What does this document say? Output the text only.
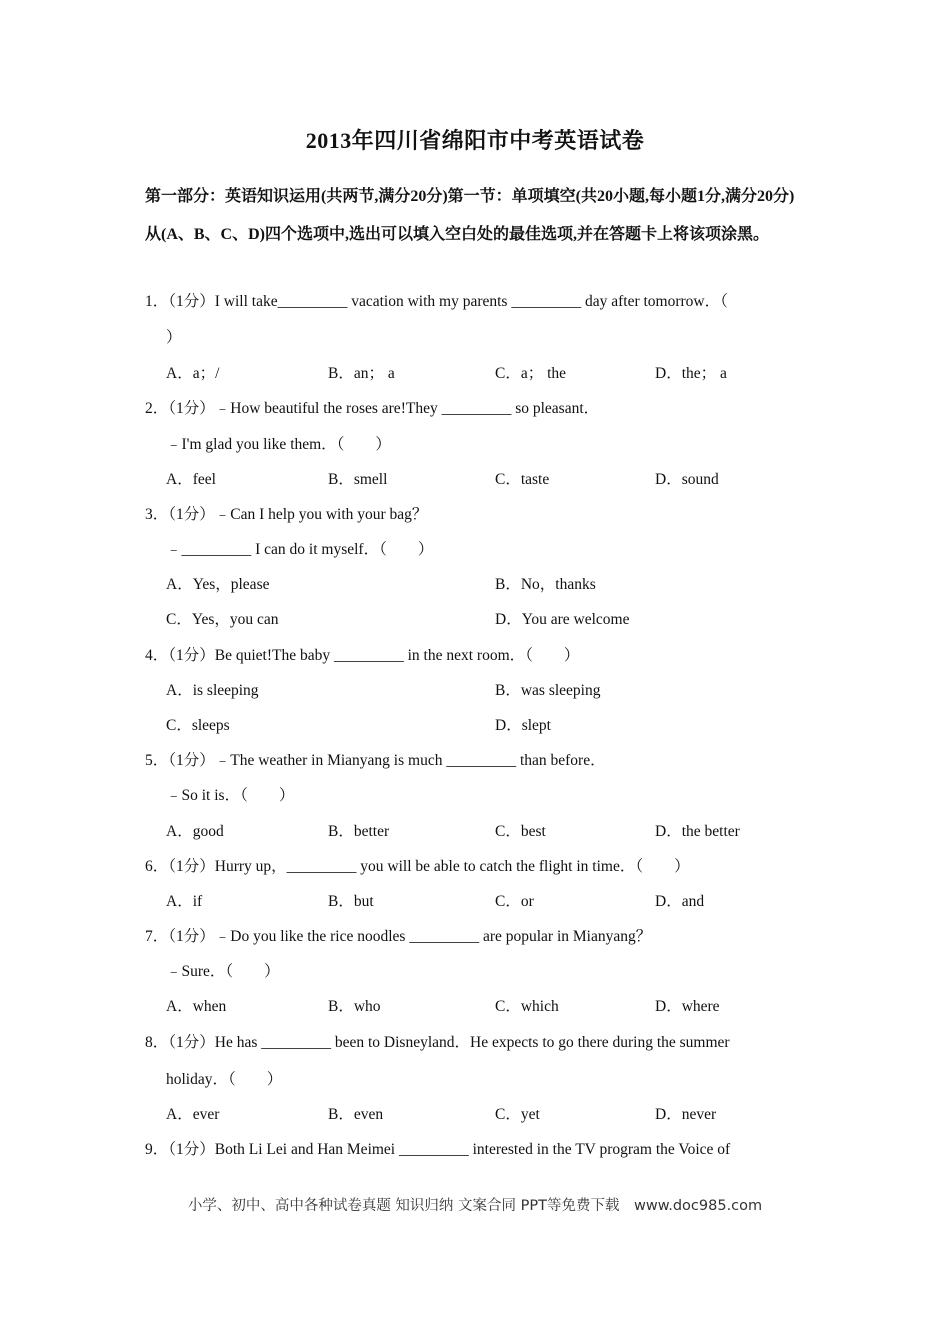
2013年四川省绵阳市中考英语试卷
第一部分：英语知识运用(共两节,满分20分)第一节：单项填空(共20小题,每小题1分,满分20分)从(A、B、C、D)四个选项中,选出可以填入空白处的最佳选项,并在答题卡上将该项涂黑。
1．（1分）I will take_________ vacation with my parents _________ day after tomorrow．（
）
A．a；/	B．an； a	C．a； the	D．the； a
2．（1分）﹣How beautiful the roses are!They _________ so pleasant．
﹣I'm glad you like them．（　　）
A．feel	B．smell	C．taste	D．sound
3．（1分）﹣Can I help you with your bag？
﹣_________ I can do it myself．（　　）
A．Yes，please	B．No，thanks
C．Yes，you can	D．You are welcome
4．（1分）Be quiet!The baby _________ in the next room．（　　）
A．is sleeping	B．was sleeping
C．sleeps	D．slept
5．（1分）﹣The weather in Mianyang is much _________ than before．
﹣So it is．（　　）
A．good	B．better	C．best	D．the better
6．（1分）Hurry up，_________ you will be able to catch the flight in time．（　　）
A．if	B．but	C．or	D．and
7．（1分）﹣Do you like the rice noodles _________ are popular in Mianyang？
﹣Sure．（　　）
A．when	B．who	C．which	D．where
8．（1分）He has _________ been to Disneyland．He expects to go there during the summer
holiday．（　　）
A．ever	B．even	C．yet	D．never
9．（1分）Both Li Lei and Han Meimei _________ interested in the TV program the Voice of
小学、初中、高中各种试卷真题 知识归纳 文案合同 PPT等免费下载　www.doc985.com
